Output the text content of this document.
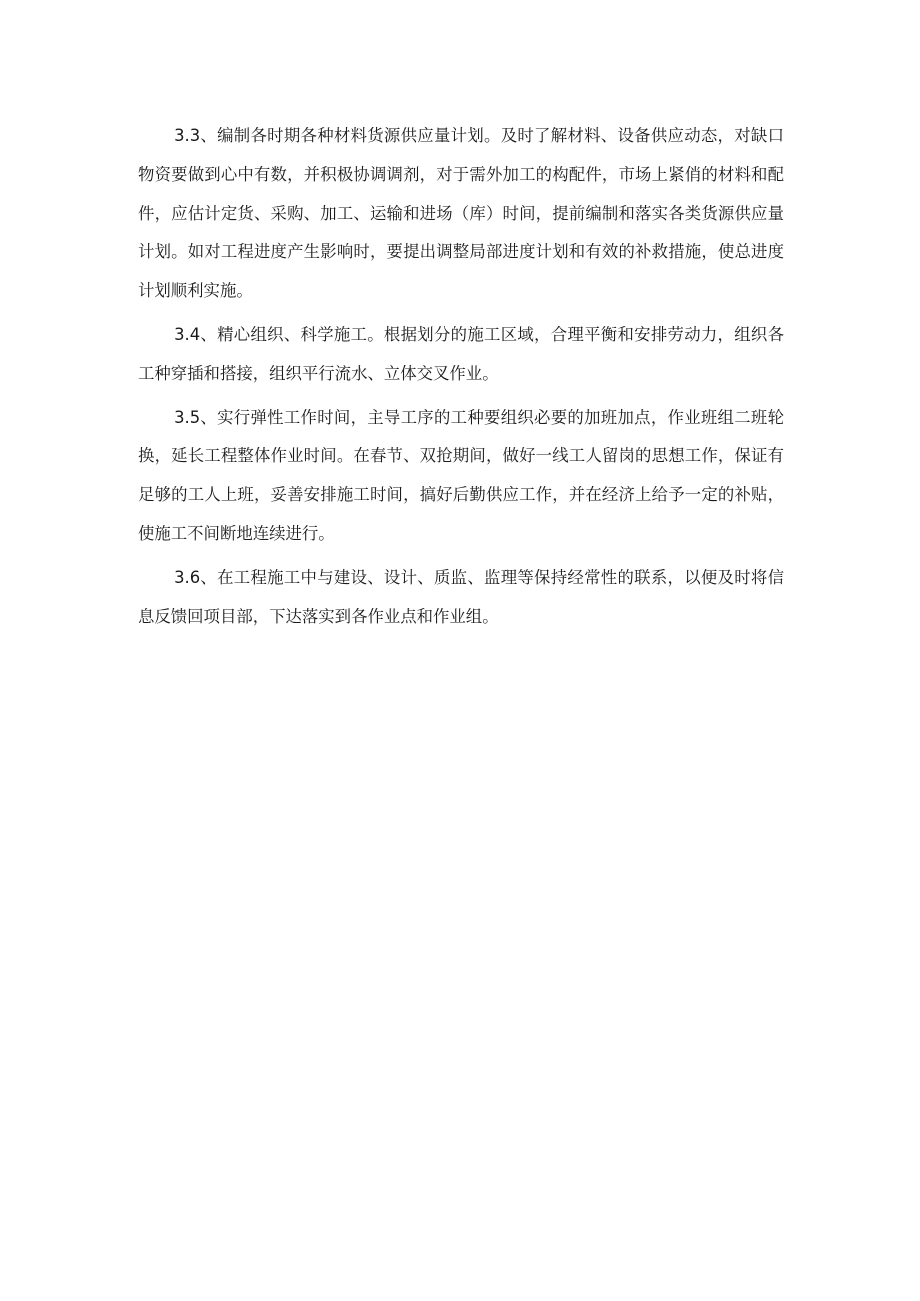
3.3、编制各时期各种材料货源供应量计划。及时了解材料、设备供应动态，对缺口物资要做到心中有数，并积极协调调剂，对于需外加工的构配件，市场上紧俏的材料和配件，应估计定货、采购、加工、运输和进场（库）时间，提前编制和落实各类货源供应量计划。如对工程进度产生影响时，要提出调整局部进度计划和有效的补救措施，使总进度计划顺利实施。

3.4、精心组织、科学施工。根据划分的施工区域，合理平衡和安排劳动力，组织各工种穿插和搭接，组织平行流水、立体交叉作业。

3.5、实行弹性工作时间，主导工序的工种要组织必要的加班加点，作业班组二班轮换，延长工程整体作业时间。在春节、双抢期间，做好一线工人留岗的思想工作，保证有足够的工人上班，妥善安排施工时间，搞好后勤供应工作，并在经济上给予一定的补贴，使施工不间断地连续进行。

3.6、在工程施工中与建设、设计、质监、监理等保持经常性的联系，以便及时将信息反馈回项目部，下达落实到各作业点和作业组。
